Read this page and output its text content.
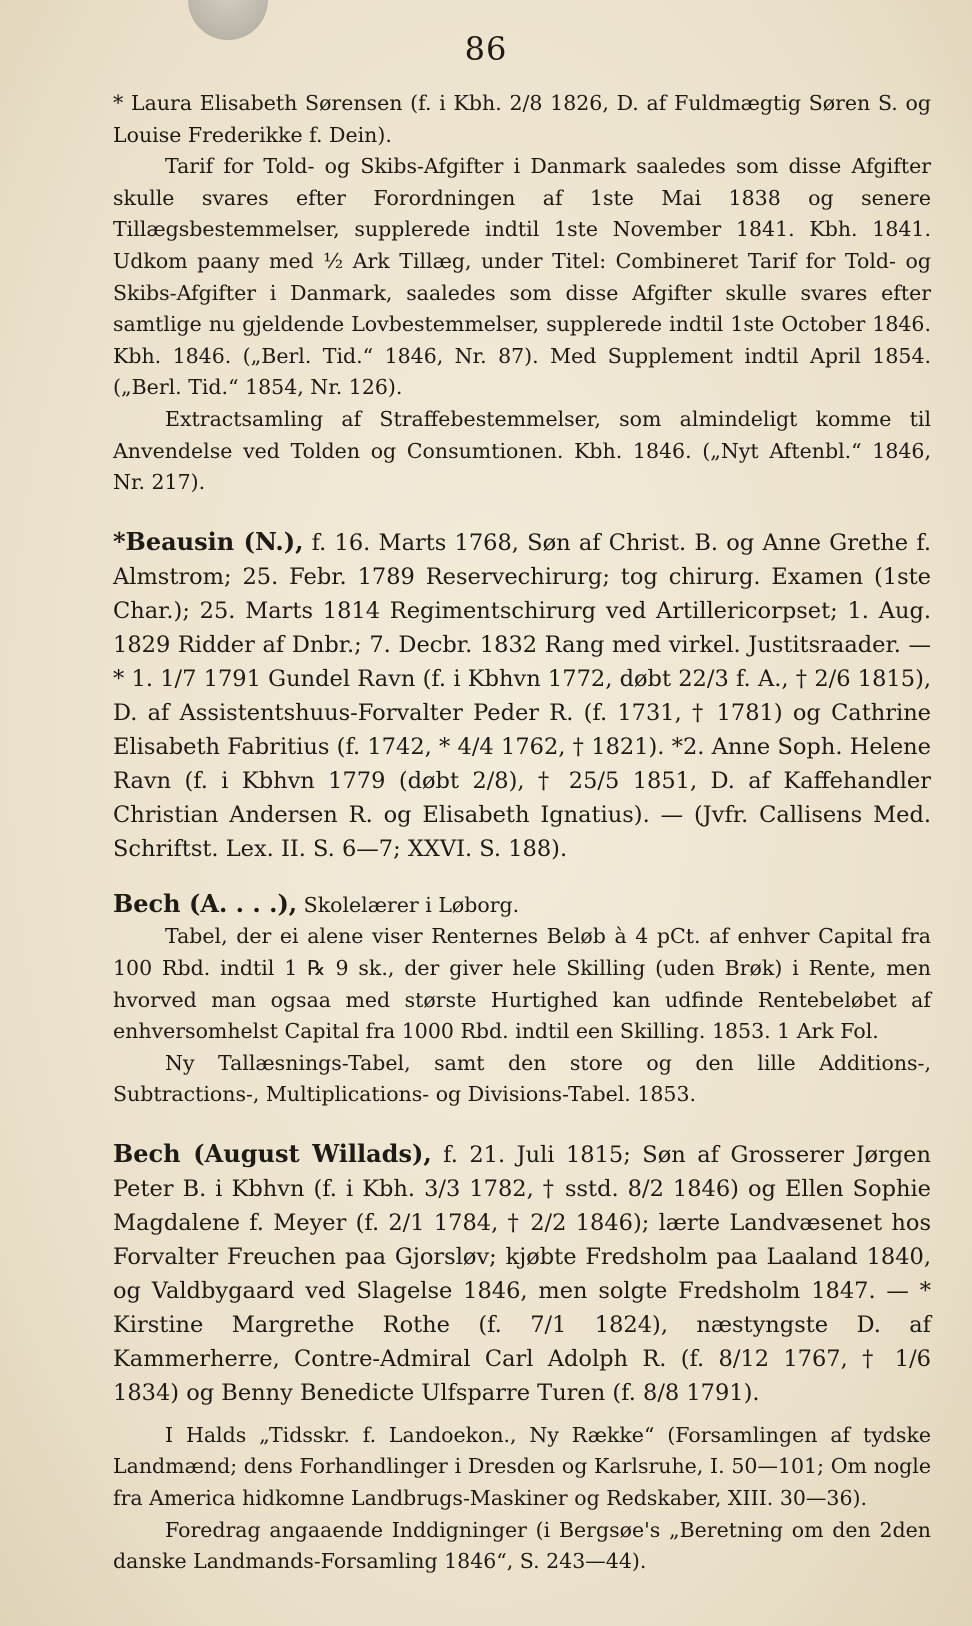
86

* Laura Elisabeth Sørensen (f. i Kbh. 2/8 1826, D. af Fuldmægtig Søren S. og Louise Frederikke f. Dein).

Tarif for Told- og Skibs-Afgifter i Danmark saaledes som disse Afgifter skulle svares efter Forordningen af 1ste Mai 1838 og senere Tillægsbestemmelser, supplerede indtil 1ste November 1841. Kbh. 1841. Udkom paany med ½ Ark Tillæg, under Titel: Combineret Tarif for Told- og Skibs-Afgifter i Danmark, saaledes som disse Afgifter skulle svares efter samtlige nu gjeldende Lovbestemmelser, supplerede indtil 1ste October 1846. Kbh. 1846. („Berl. Tid.“ 1846, Nr. 87). Med Supplement indtil April 1854. („Berl. Tid.“ 1854, Nr. 126).

Extractsamling af Straffebestemmelser, som almindeligt komme til Anvendelse ved Tolden og Consumtionen. Kbh. 1846. („Nyt Aftenbl.“ 1846, Nr. 217).

*Beausin (N.), f. 16. Marts 1768, Søn af Christ. B. og Anne Grethe f. Almstrom; 25. Febr. 1789 Reservechirurg; tog chirurg. Examen (1ste Char.); 25. Marts 1814 Regimentschirurg ved Artillericorpset; 1. Aug. 1829 Ridder af Dnbr.; 7. Decbr. 1832 Rang med virkel. Justitsraader. — * 1. 1/7 1791 Gundel Ravn (f. i Kbhvn 1772, døbt 22/3 f. A., † 2/6 1815), D. af Assistentshuus-Forvalter Peder R. (f. 1731, † 1781) og Cathrine Elisabeth Fabritius (f. 1742, * 4/4 1762, † 1821). *2. Anne Soph. Helene Ravn (f. i Kbhvn 1779 (døbt 2/8), † 25/5 1851, D. af Kaffehandler Christian Andersen R. og Elisabeth Ignatius). — (Jvfr. Callisens Med. Schriftst. Lex. II. S. 6—7; XXVI. S. 188).

Bech (A. . . .), Skolelærer i Løborg.

Tabel, der ei alene viser Renternes Beløb à 4 pCt. af enhver Capital fra 100 Rbd. indtil 1 ℞ 9 sk., der giver hele Skilling (uden Brøk) i Rente, men hvorved man ogsaa med største Hurtighed kan udfinde Rentebeløbet af enhversomhelst Capital fra 1000 Rbd. indtil een Skilling. 1853. 1 Ark Fol.

Ny Tallæsnings-Tabel, samt den store og den lille Additions-, Subtractions-, Multiplications- og Divisions-Tabel. 1853.

Bech (August Willads), f. 21. Juli 1815; Søn af Grosserer Jørgen Peter B. i Kbhvn (f. i Kbh. 3/3 1782, † sstd. 8/2 1846) og Ellen Sophie Magdalene f. Meyer (f. 2/1 1784, † 2/2 1846); lærte Landvæsenet hos Forvalter Freuchen paa Gjorsløv; kjøbte Fredsholm paa Laaland 1840, og Valdbygaard ved Slagelse 1846, men solgte Fredsholm 1847. — * Kirstine Margrethe Rothe (f. 7/1 1824), næstyngste D. af Kammerherre, Contre-Admiral Carl Adolph R. (f. 8/12 1767, † 1/6 1834) og Benny Benedicte Ulfsparre Turen (f. 8/8 1791).

I Halds „Tidsskr. f. Landoekon., Ny Række“ (Forsamlingen af tydske Landmænd; dens Forhandlinger i Dresden og Karlsruhe, I. 50—101; Om nogle fra America hidkomne Landbrugs-Maskiner og Redskaber, XIII. 30—36).

Foredrag angaaende Inddigninger (i Bergsøe's „Beretning om den 2den danske Landmands-Forsamling 1846“, S. 243—44).
